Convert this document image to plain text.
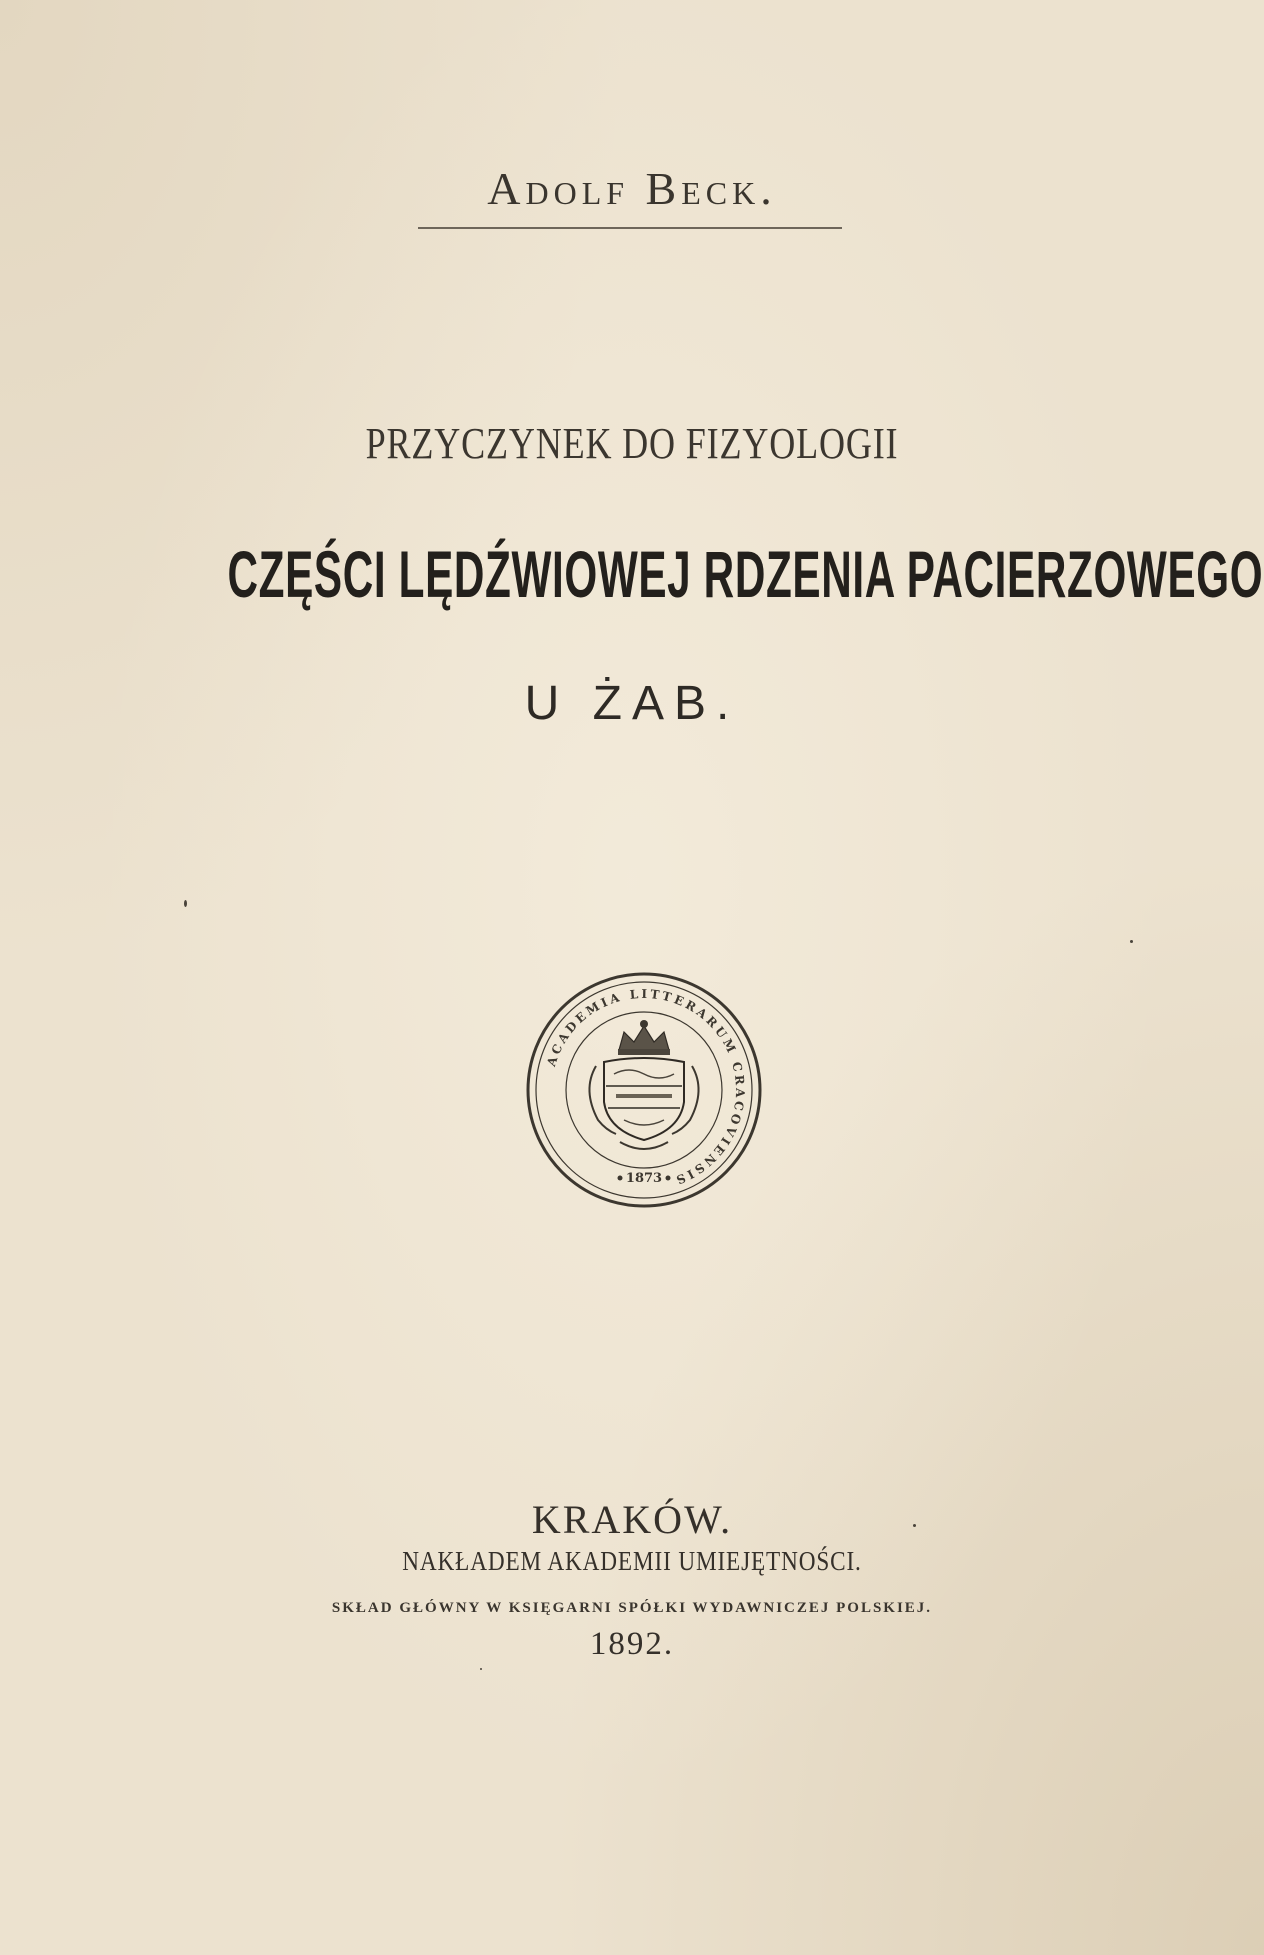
Adolf Beck.
PRZYCZYNEK DO FIZYOLOGII
CZĘŚCI LĘDŹWIOWEJ RDZENIA PACIERZOWEGO
U ŻAB.
ACADEMIA LITTERARUM CRACOVIENSIS
1873
KRAKÓW.
NAKŁADEM AKADEMII UMIEJĘTNOŚCI.
SKŁAD GŁÓWNY W KSIĘGARNI SPÓŁKI WYDAWNICZEJ POLSKIEJ.
1892.
